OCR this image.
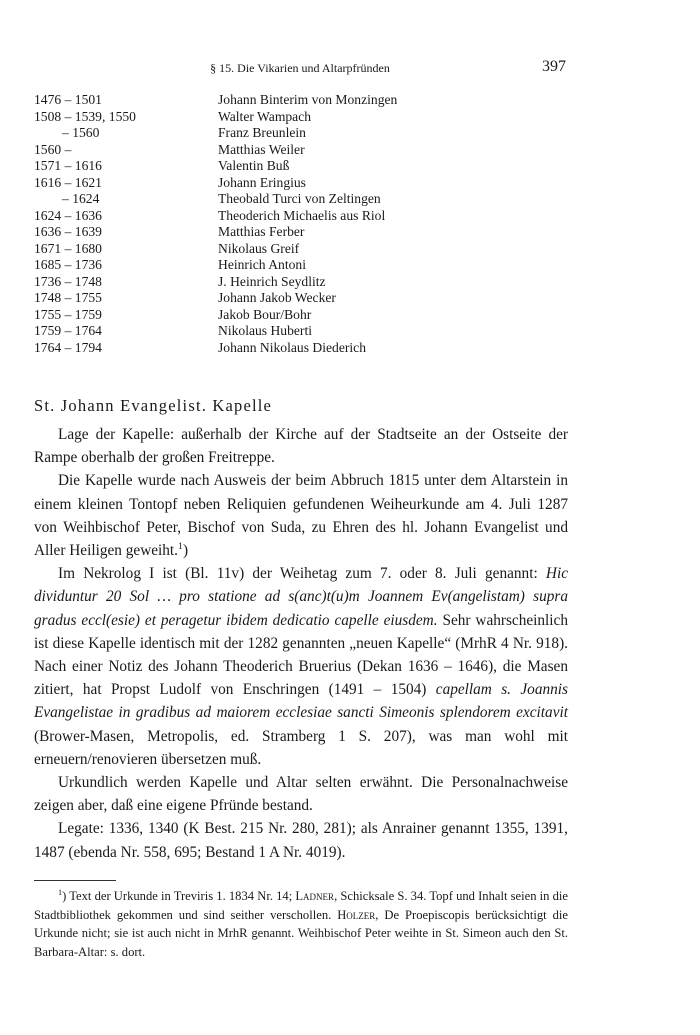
§ 15. Die Vikarien und Altarpfründen	397
1476 – 1501	Johann Binterim von Monzingen
1508 – 1539, 1550	Walter Wampach
– 1560	Franz Breunlein
1560 –	Matthias Weiler
1571 – 1616	Valentin Buß
1616 – 1621	Johann Eringius
– 1624	Theobald Turci von Zeltingen
1624 – 1636	Theoderich Michaelis aus Riol
1636 – 1639	Matthias Ferber
1671 – 1680	Nikolaus Greif
1685 – 1736	Heinrich Antoni
1736 – 1748	J. Heinrich Seydlitz
1748 – 1755	Johann Jakob Wecker
1755 – 1759	Jakob Bour/Bohr
1759 – 1764	Nikolaus Huberti
1764 – 1794	Johann Nikolaus Diederich
St. Johann Evangelist. Kapelle

Lage der Kapelle: außerhalb der Kirche auf der Stadtseite an der Ostseite der Rampe oberhalb der großen Freitreppe.

Die Kapelle wurde nach Ausweis der beim Abbruch 1815 unter dem Altarstein in einem kleinen Tontopf neben Reliquien gefundenen Weiheurkunde am 4. Juli 1287 von Weihbischof Peter, Bischof von Suda, zu Ehren des hl. Johann Evangelist und Aller Heiligen geweiht.$^1$)

Im Nekrolog I ist (Bl. 11v) der Weihetag zum 7. oder 8. Juli genannt: Hic dividuntur 20 Sol … pro statione ad s(anc)t(u)m Joannem Ev(angelistam) supra gradus eccl(esie) et peragetur ibidem dedicatio capelle eiusdem. Sehr wahrscheinlich ist diese Kapelle identisch mit der 1282 genannten „neuen Kapelle“ (MrhR 4 Nr. 918). Nach einer Notiz des Johann Theoderich Bruerius (Dekan 1636 – 1646), die Masen zitiert, hat Propst Ludolf von Enschringen (1491 – 1504) capellam s. Joannis Evangelistae in gradibus ad maiorem ecclesiae sancti Simeonis splendorem excitavit (Brower-Masen, Metropolis, ed. Stramberg 1 S. 207), was man wohl mit erneuern/renovieren übersetzen muß.

Urkundlich werden Kapelle und Altar selten erwähnt. Die Personalnachweise zeigen aber, daß eine eigene Pfründe bestand.

Legate: 1336, 1340 (K Best. 215 Nr. 280, 281); als Anrainer genannt 1355, 1391, 1487 (ebenda Nr. 558, 695; Bestand 1 A Nr. 4019).

$^1$) Text der Urkunde in Treviris 1. 1834 Nr. 14; Ladner, Schicksale S. 34. Topf und Inhalt seien in die Stadtbibliothek gekommen und sind seither verschollen. Holzer, De Proepiscopis berücksichtigt die Urkunde nicht; sie ist auch nicht in MrhR genannt. Weihbischof Peter weihte in St. Simeon auch den St. Barbara-Altar: s. dort.
